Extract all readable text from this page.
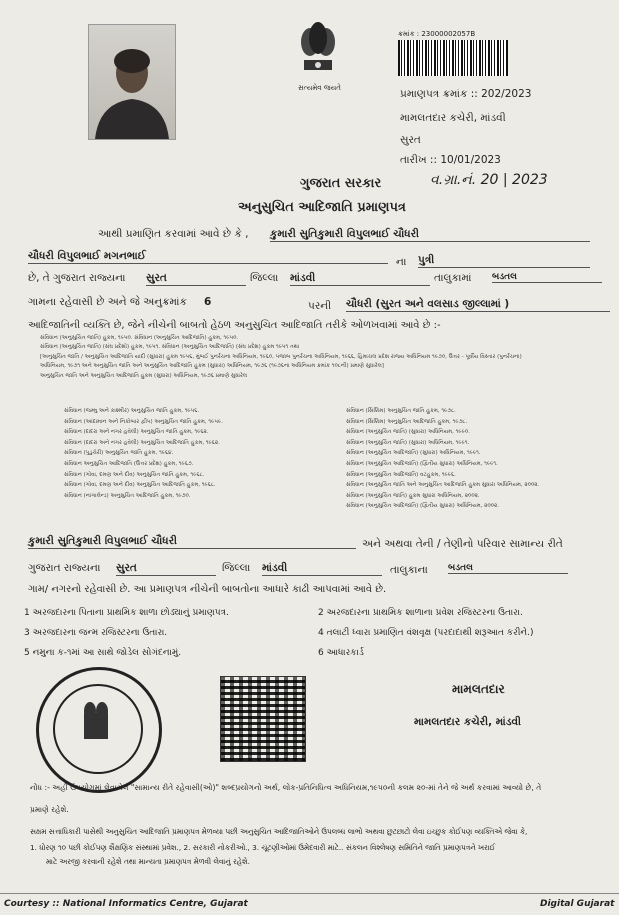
સત્યમેવ જયતે
ક્રમાંક : 23000002057B
પ્રમાણપત્ર ક્રમાંક :: 202/2023
મામલતદાર કચેરી, માંડવી
સુરત
તારીખ :: 10/01/2023
ગુજરાત સરકાર	વ.ગ્રા.નં. 20 | 2023
અનુસુચિત આદિજાતિ પ્રમાણપત્ર
આથી પ્રમાણિત કરવામાં આવે છે કે , કુમારી સુતિકુમારી વિપુલભાઈ ચૌધરી
ચૌધરી વિપુલભાઈ મગનભાઈ	ના પુત્રી
છે, તે ગુજરાત રાજ્યના સુરત	જિલ્લા માંડવી	તાલુકામાં બડતલ
ગામના રહેવાસી છે અને જે અનુક્રમાંક 6	પરની ચૌધરી (સુરત અને વલસાડ જીલ્લામાં )
આદિજાતિની વ્યક્તિ છે, જેને નીચેની બાબતો હેઠળ અનુસુચિત આદિજાતિ તરીકે ઓળખવામાં આવે છે :-
સંવિધાન (અનુસુચિત જાતિ) હુકમ, ૧૯૫૦. સંવિધાન (અનુસુચિત આદિજાતિ) હુકમ, ૧૯૫૦.
સંવિધાન (અનુસુચિત જાતિ) (સંઘ પ્રદેશો) હુકમ, ૧૯૫૧. સંવિધાન (અનુસુચિત આદિજાતિ) (સંઘ પ્રદેશ) હુકમ ૧૯૫૧ તથા
[અનુસુચિત જાતિ / અનુસુચિત આદિજાતિ યાદી (સુધારા) હુકમ ૧૯૫૬, મુંબઈ પુનર્રચના અધિનિયમ, ૧૯૬૦, પંજાબ પુનર્રચના અધિનિયમ, ૧૯૬૬, હિમાચલ પ્રદેશ રાજ્ય અધિનિયમ ૧૯૭૦, ઉત્તર - પૂર્વીય વિસ્તાર (પુનર્રચના)
અધિનિયમ, ૧૯૭૧ અને અનુસુચિત જાતિ અને અનુસુચિત આદિજાતિ હુકમ (સુધારા) અધિનિયમ, ૧૯૭૬ (૧૯૭૬ના અધિનિયમ ક્રમાંક ૧૦૮ની) પ્રમાણે સુધારેલ]
અનુસુચિત જાતિ અને અનુસુચિત આદિજાતિ હુકમ (સુધારા) અધિનિયમ, ૧૯૭૬ પ્રમાણે સુધારેલ
સંવિધાન (જમ્મુ અને કાશ્મીર) અનુસુચિત જાતિ હુકમ, ૧૯૫૬.
સંવિધાન (આંદામાન અને નિકોબાર દ્વીપ) અનુસુચિત જાતિ હુકમ, ૧૯૫૯.
સંવિધાન (દાદરા અને નગર હવેલી) અનુસુચિત જાતિ હુકમ, ૧૯૬૨.
સંવિધાન (દાદરા અને નગર હવેલી) અનુસુચિત આદિજાતિ હુકમ, ૧૯૬૨.
સંવિધાન (પુડુચેરી) અનુસુચિત જાતિ હુકમ, ૧૯૬૪.
સંવિધાન અનુસુચિત આદિજાતિ (ઉત્તર પ્રદેશ) હુકમ, ૧૯૬૭.
સંવિધાન (ગોવા, દમણ અને દીવ) અનુસુચિત જાતિ હુકમ, ૧૯૬૮.
સંવિધાન (ગોવા, દમણ અને દીવ) અનુસુચિત આદિજાતિ હુકમ, ૧૯૬૮.
સંવિધાન (નાગાલેન્ડ) અનુસુચિત આદિજાતિ હુકમ, ૧૯૭૦.
સંવિધાન (સિક્કિમ) અનુસુચિત જાતિ હુકમ, ૧૯૭૮.
સંવિધાન (સિક્કિમ) અનુસુચિત આદિજાતિ હુકમ, ૧૯૭૮.
સંવિધાન (અનુસુચિત જાતિ) (સુધારા) અધિનિયમ, ૧૯૯૦.
સંવિધાન (અનુસુચિત જાતિ) (સુધારા) અધિનિયમ, ૧૯૯૧.
સંવિધાન (અનુસુચિત આદિજાતિ) (સુધારા) અધિનિયમ, ૧૯૯૧.
સંવિધાન (અનુસુચિત આદિજાતિ) (દ્વિતીય સુધારા) અધિનિયમ, ૧૯૯૧.
સંવિધાન (અનુસુચિત આદિજાતિ) વટહુકમ, ૧૯૯૬.
સંવિધાન (અનુસુચિત જાતિ અને અનુસુચિત આદિજાતિ હુકમ સુધારા અધિનિયમ, ૨૦૦૨.
સંવિધાન (અનુસુચિત જાતિ) હુકમ સુધારા અધિનિયમ, ૨૦૦૨.
સંવિધાન (અનુસુચિત આદિજાતિ) (દ્વિતીય સુધારા) અધિનિયમ, ૨૦૦૨.
કુમારી સુતિકુમારી વિપુલભાઈ ચૌધરી	અને અથવા તેની / તેણીનો પરિવાર સામાન્ય રીતે
ગુજરાત રાજ્યના સુરત	જિલ્લા માંડવી	તાલુકાના બડતલ
ગામ/ નગરનો રહેવાસી છે. આ પ્રમાણપત્ર નીચેની બાબતોના આધારે કાઢી આપવામાં આવે છે.
1 અરજદારના પિતાના પ્રાથમિક શાળા છોડ્યાનું પ્રમાણપત્ર.	2 અરજદારના પ્રાથમિક શાળાના પ્રવેશ રજિસ્ટરના ઉતારા.
3 અરજદારના જન્મ રજિસ્ટરના ઉતારા.	4 તલાટી ધ્વારા પ્રમાણિત વંશવૃક્ષ (પરદાદાથી શરૂઆત કરીને.)
5 નમુના ક-૧માં આ સાથે જોડેલ સોગંદનામું.	6 આધારકાર્ડ
મામલતદાર
મામલતદાર કચેરી, માંડવી
નોંધ :- અહીં ઉપયોગમાં લેવાયેલ "સામાન્ય રીતે રહેવાસી(ઓ)" શબ્દપ્રયોગનો અર્થ, લોક-પ્રતિનિધિત્વ અધિનિયમ,૧૯૫૦ની કલમ ૨૦-માં તેને જે અર્થ કરવામાં આવ્યો છે, તે
પ્રમાણે રહેશે.
સક્ષમ સત્તાધિકારી પાસેથી અનુસુચિત આદિજાતિ પ્રમાણપત્ર મેળવ્યા પછી અનુસુચિત આદિજાતિઓને ઉપલબ્ધ લાભો અથવા છુટછાટો લેવા ઇચ્છુક કોઈપણ વ્યક્તિએ જેવા કે,
1. ધોરણ ૧૦ પછી કોઈપણ શૈક્ષણિક સંસ્થામાં પ્રવેશ., 2. સરકારી નોકરીઓ., 3. ચૂંટણીઓમાં ઉમેદવારી માટે.. સંકલન વિશ્લેષણ સમિતિને જાતિ પ્રમાણપત્રને ખરાઈ
માટે અરજી કરવાની રહેશે તથા માન્યતા પ્રમાણપત્ર મેળવી લેવાનું રહેશે.
Courtesy :: National Informatics Centre, Gujarat	Digital Gujarat
